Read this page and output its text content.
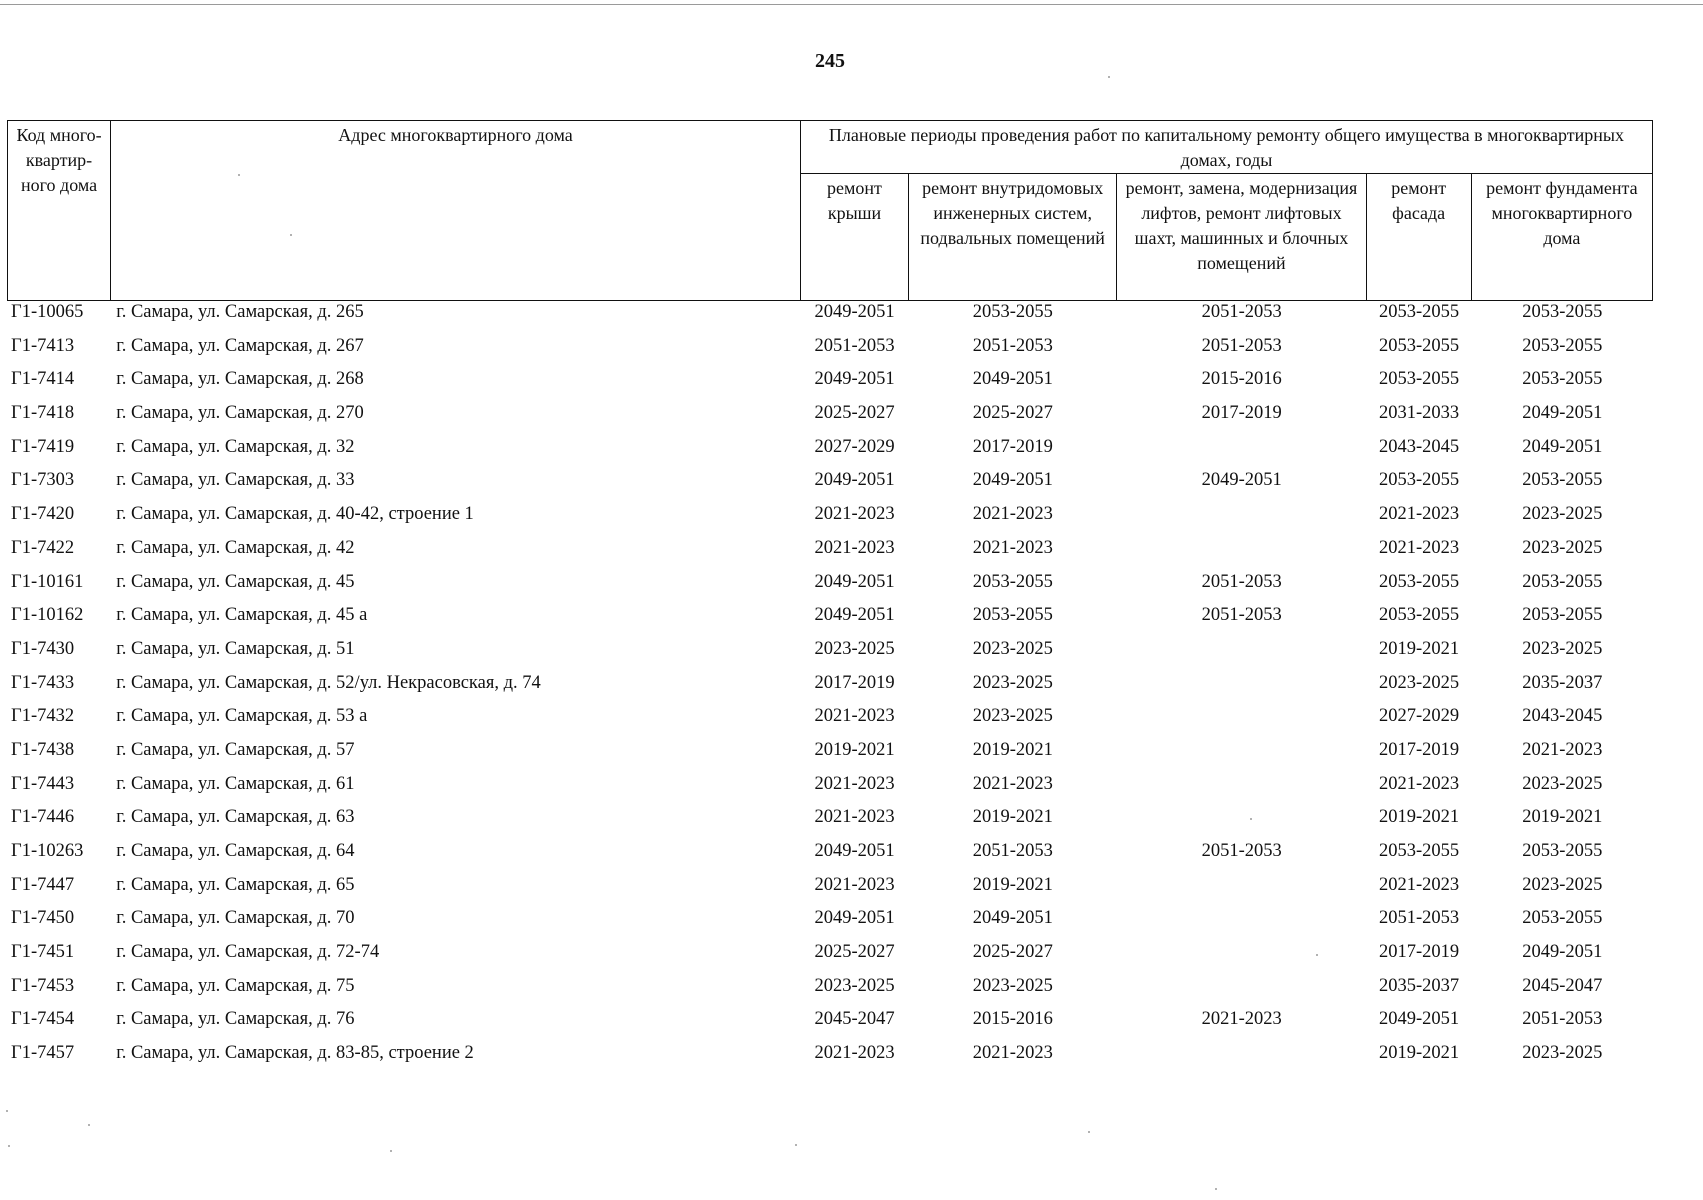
245
Код много-квартир-ного дома	Адрес многоквартирного дома	Плановые периоды проведения работ по капитальному ремонту общего имущества в многоквартирных домах, годы				
		ремонт крыши	ремонт внутридомовых инженерных систем, подвальных помещений	ремонт, замена, модернизация лифтов, ремонт лифтовых шахт, машинных и блочных помещений	ремонт фасада	ремонт фундамента многоквартирного дома
Г1-10065	г. Самара, ул. Самарская, д. 265	2049-2051	2053-2055	2051-2053	2053-2055	2053-2055
Г1-7413	г. Самара, ул. Самарская, д. 267	2051-2053	2051-2053	2051-2053	2053-2055	2053-2055
Г1-7414	г. Самара, ул. Самарская, д. 268	2049-2051	2049-2051	2015-2016	2053-2055	2053-2055
Г1-7418	г. Самара, ул. Самарская, д. 270	2025-2027	2025-2027	2017-2019	2031-2033	2049-2051
Г1-7419	г. Самара, ул. Самарская, д. 32	2027-2029	2017-2019		2043-2045	2049-2051
Г1-7303	г. Самара, ул. Самарская, д. 33	2049-2051	2049-2051	2049-2051	2053-2055	2053-2055
Г1-7420	г. Самара, ул. Самарская, д. 40-42, строение 1	2021-2023	2021-2023		2021-2023	2023-2025
Г1-7422	г. Самара, ул. Самарская, д. 42	2021-2023	2021-2023		2021-2023	2023-2025
Г1-10161	г. Самара, ул. Самарская, д. 45	2049-2051	2053-2055	2051-2053	2053-2055	2053-2055
Г1-10162	г. Самара, ул. Самарская, д. 45 а	2049-2051	2053-2055	2051-2053	2053-2055	2053-2055
Г1-7430	г. Самара, ул. Самарская, д. 51	2023-2025	2023-2025		2019-2021	2023-2025
Г1-7433	г. Самара, ул. Самарская, д. 52/ул. Некрасовская, д. 74	2017-2019	2023-2025		2023-2025	2035-2037
Г1-7432	г. Самара, ул. Самарская, д. 53 а	2021-2023	2023-2025		2027-2029	2043-2045
Г1-7438	г. Самара, ул. Самарская, д. 57	2019-2021	2019-2021		2017-2019	2021-2023
Г1-7443	г. Самара, ул. Самарская, д. 61	2021-2023	2021-2023		2021-2023	2023-2025
Г1-7446	г. Самара, ул. Самарская, д. 63	2021-2023	2019-2021		2019-2021	2019-2021
Г1-10263	г. Самара, ул. Самарская, д. 64	2049-2051	2051-2053	2051-2053	2053-2055	2053-2055
Г1-7447	г. Самара, ул. Самарская, д. 65	2021-2023	2019-2021		2021-2023	2023-2025
Г1-7450	г. Самара, ул. Самарская, д. 70	2049-2051	2049-2051		2051-2053	2053-2055
Г1-7451	г. Самара, ул. Самарская, д. 72-74	2025-2027	2025-2027		2017-2019	2049-2051
Г1-7453	г. Самара, ул. Самарская, д. 75	2023-2025	2023-2025		2035-2037	2045-2047
Г1-7454	г. Самара, ул. Самарская, д. 76	2045-2047	2015-2016	2021-2023	2049-2051	2051-2053
Г1-7457	г. Самара, ул. Самарская, д. 83-85, строение 2	2021-2023	2021-2023		2019-2021	2023-2025
